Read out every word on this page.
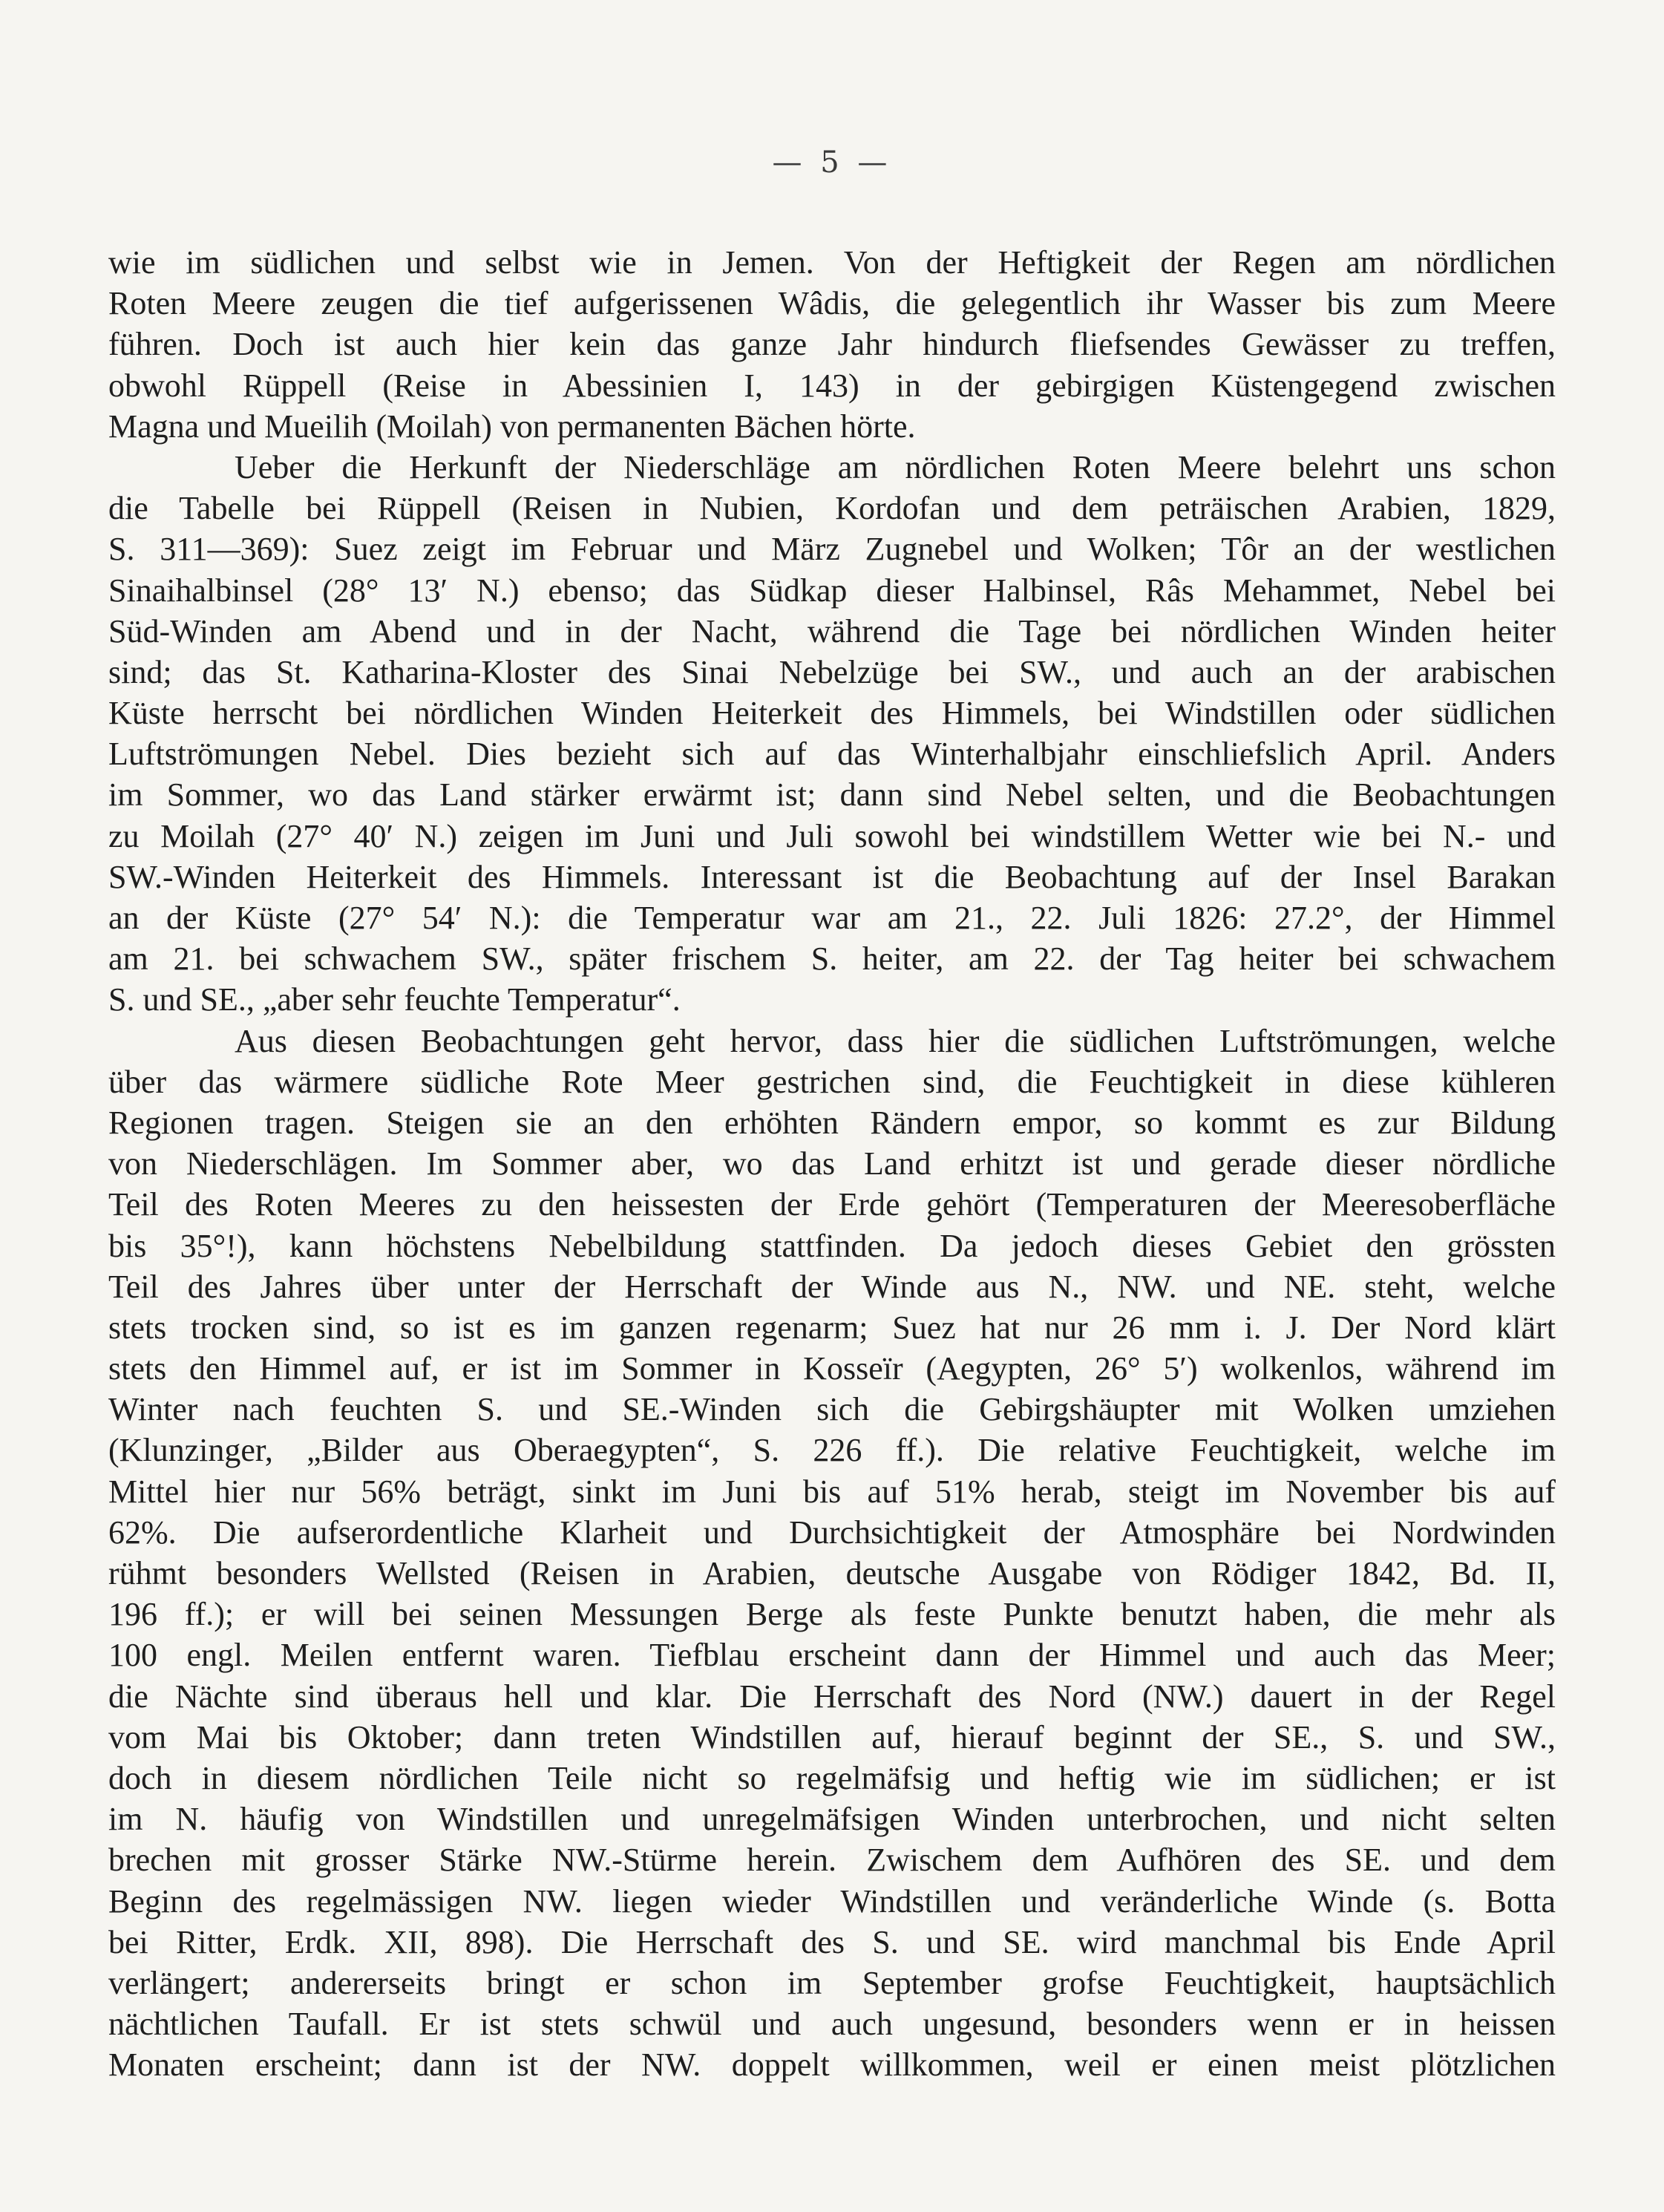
— 5 —
wie im südlichen und selbst wie in Jemen. Von der Heftigkeit der Regen am nördlichen
Roten Meere zeugen die tief aufgerissenen Wâdis, die gelegentlich ihr Wasser bis zum Meere
führen. Doch ist auch hier kein das ganze Jahr hindurch fliefsendes Gewässer zu treffen,
obwohl Rüppell (Reise in Abessinien I, 143) in der gebirgigen Küstengegend zwischen
Magna und Mueilih (Moilah) von permanenten Bächen hörte.
Ueber die Herkunft der Niederschläge am nördlichen Roten Meere belehrt uns schon
die Tabelle bei Rüppell (Reisen in Nubien, Kordofan und dem peträischen Arabien, 1829,
S. 311—369): Suez zeigt im Februar und März Zugnebel und Wolken; Tôr an der westlichen
Sinaihalbinsel (28° 13′ N.) ebenso; das Südkap dieser Halbinsel, Râs Mehammet, Nebel bei
Süd-Winden am Abend und in der Nacht, während die Tage bei nördlichen Winden heiter
sind; das St. Katharina-Kloster des Sinai Nebelzüge bei SW., und auch an der arabischen
Küste herrscht bei nördlichen Winden Heiterkeit des Himmels, bei Windstillen oder südlichen
Luftströmungen Nebel. Dies bezieht sich auf das Winterhalbjahr einschliefslich April. Anders
im Sommer, wo das Land stärker erwärmt ist; dann sind Nebel selten, und die Beobachtungen
zu Moilah (27° 40′ N.) zeigen im Juni und Juli sowohl bei windstillem Wetter wie bei N.- und
SW.-Winden Heiterkeit des Himmels. Interessant ist die Beobachtung auf der Insel Barakan
an der Küste (27° 54′ N.): die Temperatur war am 21., 22. Juli 1826: 27.2°, der Himmel
am 21. bei schwachem SW., später frischem S. heiter, am 22. der Tag heiter bei schwachem
S. und SE., „aber sehr feuchte Temperatur“.
Aus diesen Beobachtungen geht hervor, dass hier die südlichen Luftströmungen, welche
über das wärmere südliche Rote Meer gestrichen sind, die Feuchtigkeit in diese kühleren
Regionen tragen. Steigen sie an den erhöhten Rändern empor, so kommt es zur Bildung
von Niederschlägen. Im Sommer aber, wo das Land erhitzt ist und gerade dieser nördliche
Teil des Roten Meeres zu den heissesten der Erde gehört (Temperaturen der Meeresoberfläche
bis 35°!), kann höchstens Nebelbildung stattfinden. Da jedoch dieses Gebiet den grössten
Teil des Jahres über unter der Herrschaft der Winde aus N., NW. und NE. steht, welche
stets trocken sind, so ist es im ganzen regenarm; Suez hat nur 26 mm i. J. Der Nord klärt
stets den Himmel auf, er ist im Sommer in Kosseïr (Aegypten, 26° 5′) wolkenlos, während im
Winter nach feuchten S. und SE.-Winden sich die Gebirgshäupter mit Wolken umziehen
(Klunzinger, „Bilder aus Oberaegypten“, S. 226 ff.). Die relative Feuchtigkeit, welche im
Mittel hier nur 56% beträgt, sinkt im Juni bis auf 51% herab, steigt im November bis auf
62%. Die aufserordentliche Klarheit und Durchsichtigkeit der Atmosphäre bei Nordwinden
rühmt besonders Wellsted (Reisen in Arabien, deutsche Ausgabe von Rödiger 1842, Bd. II,
196 ff.); er will bei seinen Messungen Berge als feste Punkte benutzt haben, die mehr als
100 engl. Meilen entfernt waren. Tiefblau erscheint dann der Himmel und auch das Meer;
die Nächte sind überaus hell und klar. Die Herrschaft des Nord (NW.) dauert in der Regel
vom Mai bis Oktober; dann treten Windstillen auf, hierauf beginnt der SE., S. und SW.,
doch in diesem nördlichen Teile nicht so regelmäfsig und heftig wie im südlichen; er ist
im N. häufig von Windstillen und unregelmäfsigen Winden unterbrochen, und nicht selten
brechen mit grosser Stärke NW.-Stürme herein. Zwischem dem Aufhören des SE. und dem
Beginn des regelmässigen NW. liegen wieder Windstillen und veränderliche Winde (s. Botta
bei Ritter, Erdk. XII, 898). Die Herrschaft des S. und SE. wird manchmal bis Ende April
verlängert; andererseits bringt er schon im September grofse Feuchtigkeit, hauptsächlich
nächtlichen Taufall. Er ist stets schwül und auch ungesund, besonders wenn er in heissen
Monaten erscheint; dann ist der NW. doppelt willkommen, weil er einen meist plötzlichen
